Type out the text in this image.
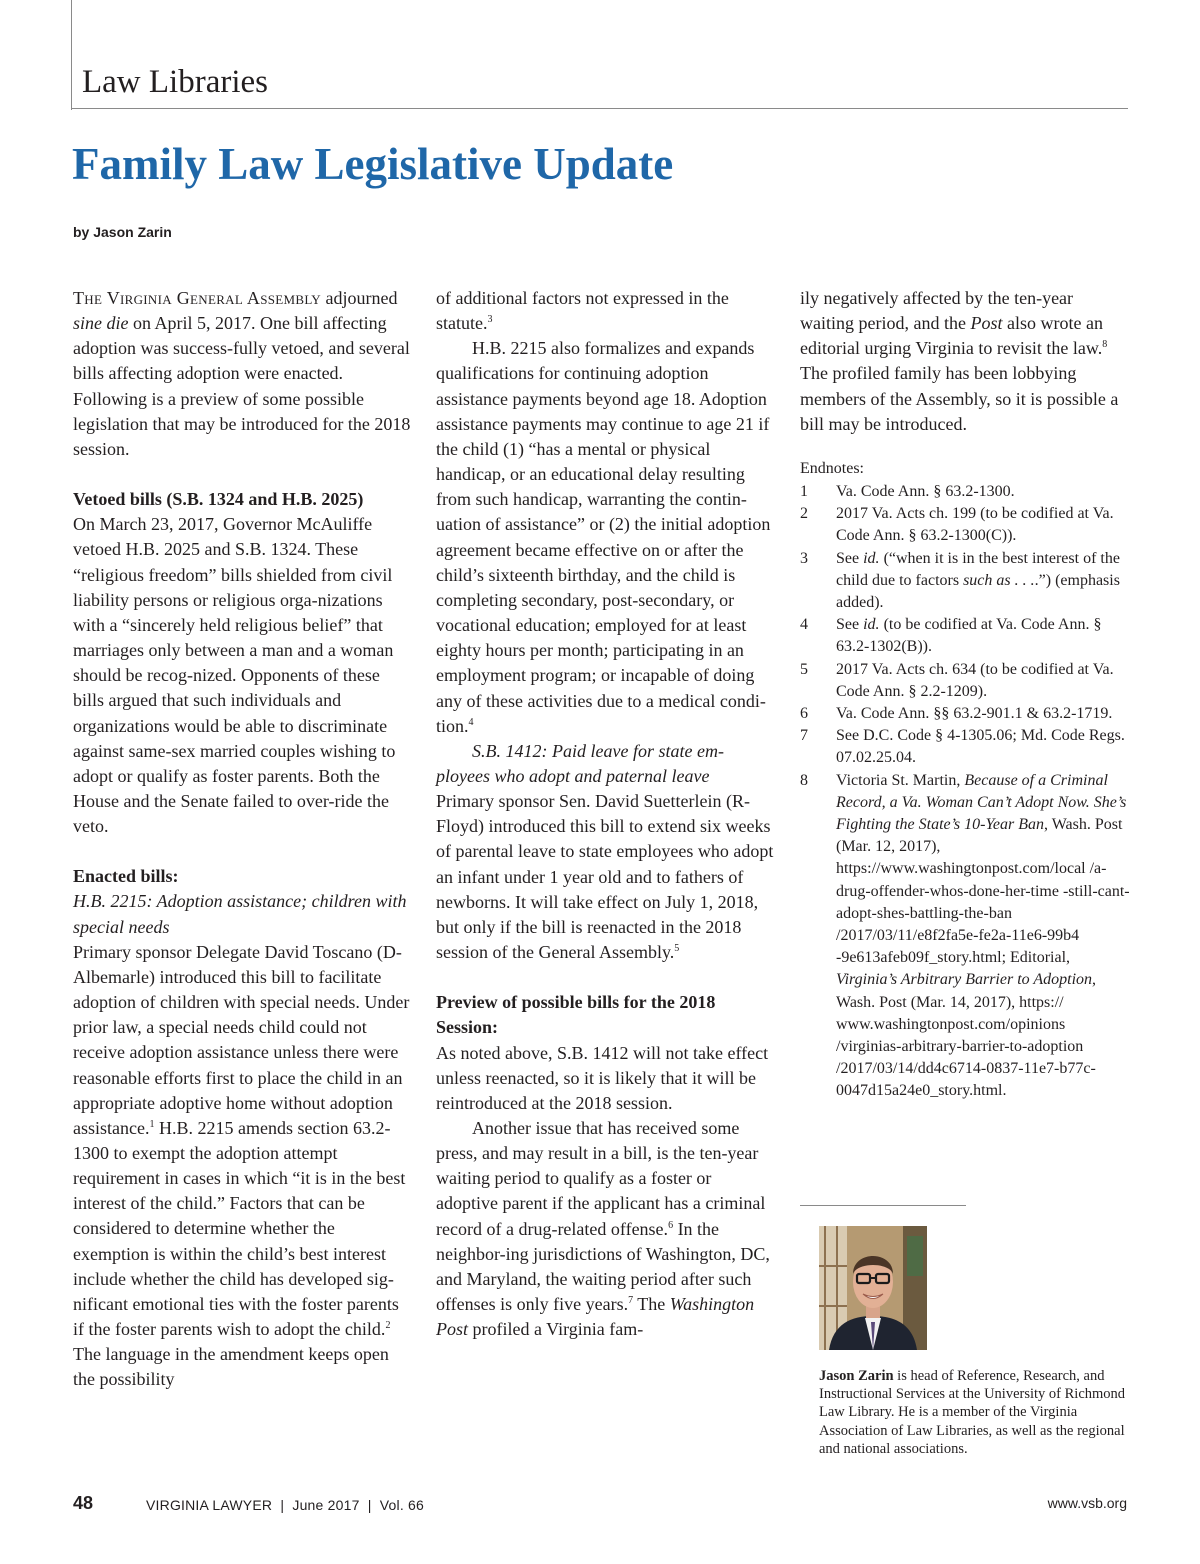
Law Libraries
Family Law Legislative Update
by Jason Zarin

The Virginia General Assembly adjourned sine die on April 5, 2017. One bill affecting adoption was success-fully vetoed, and several bills affecting adoption were enacted. Following is a preview of some possible legislation that may be introduced for the 2018 session.

Vetoed bills (S.B. 1324 and H.B. 2025)

On March 23, 2017, Governor McAuliffe vetoed H.B. 2025 and S.B. 1324. These “religious freedom” bills shielded from civil liability persons or religious orga-nizations with a “sincerely held religious belief” that marriages only between a man and a woman should be recog-nized. Opponents of these bills argued that such individuals and organizations would be able to discriminate against same-sex married couples wishing to adopt or qualify as foster parents. Both the House and the Senate failed to over-ride the veto.

Enacted bills:

H.B. 2215: Adoption assistance; children with special needs

Primary sponsor Delegate David Toscano (D-Albemarle) introduced this bill to facilitate adoption of children with special needs. Under prior law, a special needs child could not receive adoption assistance unless there were reasonable efforts first to place the child in an appropriate adoptive home without adoption assistance.$^1$ H.B. 2215 amends section 63.2-1300 to exempt the adoption attempt requirement in cases in which “it is in the best interest of the child.” Factors that can be considered to determine whether the exemption is within the child’s best interest include whether the child has developed sig-nificant emotional ties with the foster parents if the foster parents wish to adopt the child.$^2$ The language in the amendment keeps open the possibility

of additional factors not expressed in the statute.$^3$

H.B. 2215 also formalizes and expands qualifications for continuing adoption assistance payments beyond age 18. Adoption assistance payments may continue to age 21 if the child (1) “has a mental or physical handicap, or an educational delay resulting from such handicap, warranting the contin-uation of assistance” or (2) the initial adoption agreement became effective on or after the child’s sixteenth birthday, and the child is completing secondary, post-secondary, or vocational education; employed for at least eighty hours per month; participating in an employment program; or incapable of doing any of these activities due to a medical condi-tion.$^4$

S.B. 1412: Paid leave for state em-ployees who adopt and paternal leave

Primary sponsor Sen. David Suetterlein (R-Floyd) introduced this bill to extend six weeks of parental leave to state employees who adopt an infant under 1 year old and to fathers of newborns. It will take effect on July 1, 2018, but only if the bill is reenacted in the 2018 session of the General Assembly.$^5$

Preview of possible bills for the 2018 Session:

As noted above, S.B. 1412 will not take effect unless reenacted, so it is likely that it will be reintroduced at the 2018 session.

Another issue that has received some press, and may result in a bill, is the ten-year waiting period to qualify as a foster or adoptive parent if the applicant has a criminal record of a drug-related offense.$^6$ In the neighbor-ing jurisdictions of Washington, DC, and Maryland, the waiting period after such offenses is only five years.$^7$ The Washington Post profiled a Virginia fam-

ily negatively affected by the ten-year waiting period, and the Post also wrote an editorial urging Virginia to revisit the law.$^8$ The profiled family has been lobbying members of the Assembly, so it is possible a bill may be introduced.

Endnotes:

1 Va. Code Ann. § 63.2-1300.
2 2017 Va. Acts ch. 199 (to be codified at Va. Code Ann. § 63.2-1300(C)).
3 See id. (“when it is in the best interest of the child due to factors such as . . ..”) (emphasis added).
4 See id. (to be codified at Va. Code Ann. § 63.2-1302(B)).
5 2017 Va. Acts ch. 634 (to be codified at Va. Code Ann. § 2.2-1209).
6 Va. Code Ann. §§ 63.2-901.1 & 63.2-1719.
7 See D.C. Code § 4-1305.06; Md. Code Regs. 07.02.25.04.
8 Victoria St. Martin, Because of a Criminal Record, a Va. Woman Can’t Adopt Now. She’s Fighting the State’s 10-Year Ban, Wash. Post (Mar. 12, 2017), https://www.washingtonpost.com/local /a-drug-offender-whos-done-her-time -still-cant-adopt-shes-battling-the-ban /2017/03/11/e8f2fa5e-fe2a-11e6-99b4 -9e613afeb09f_story.html; Editorial, Virginia’s Arbitrary Barrier to Adoption, Wash. Post (Mar. 14, 2017), https:// www.washingtonpost.com/opinions /virginias-arbitrary-barrier-to-adoption /2017/03/14/dd4c6714-0837-11e7-b77c-0047d15a24e0_story.html.
Jason Zarin is head of Reference, Research, and Instructional Services at the University of Richmond Law Library. He is a member of the Virginia Association of Law Libraries, as well as the regional and national associations.
48	VIRGINIA LAWYER  |  June 2017  |  Vol. 66	www.vsb.org
